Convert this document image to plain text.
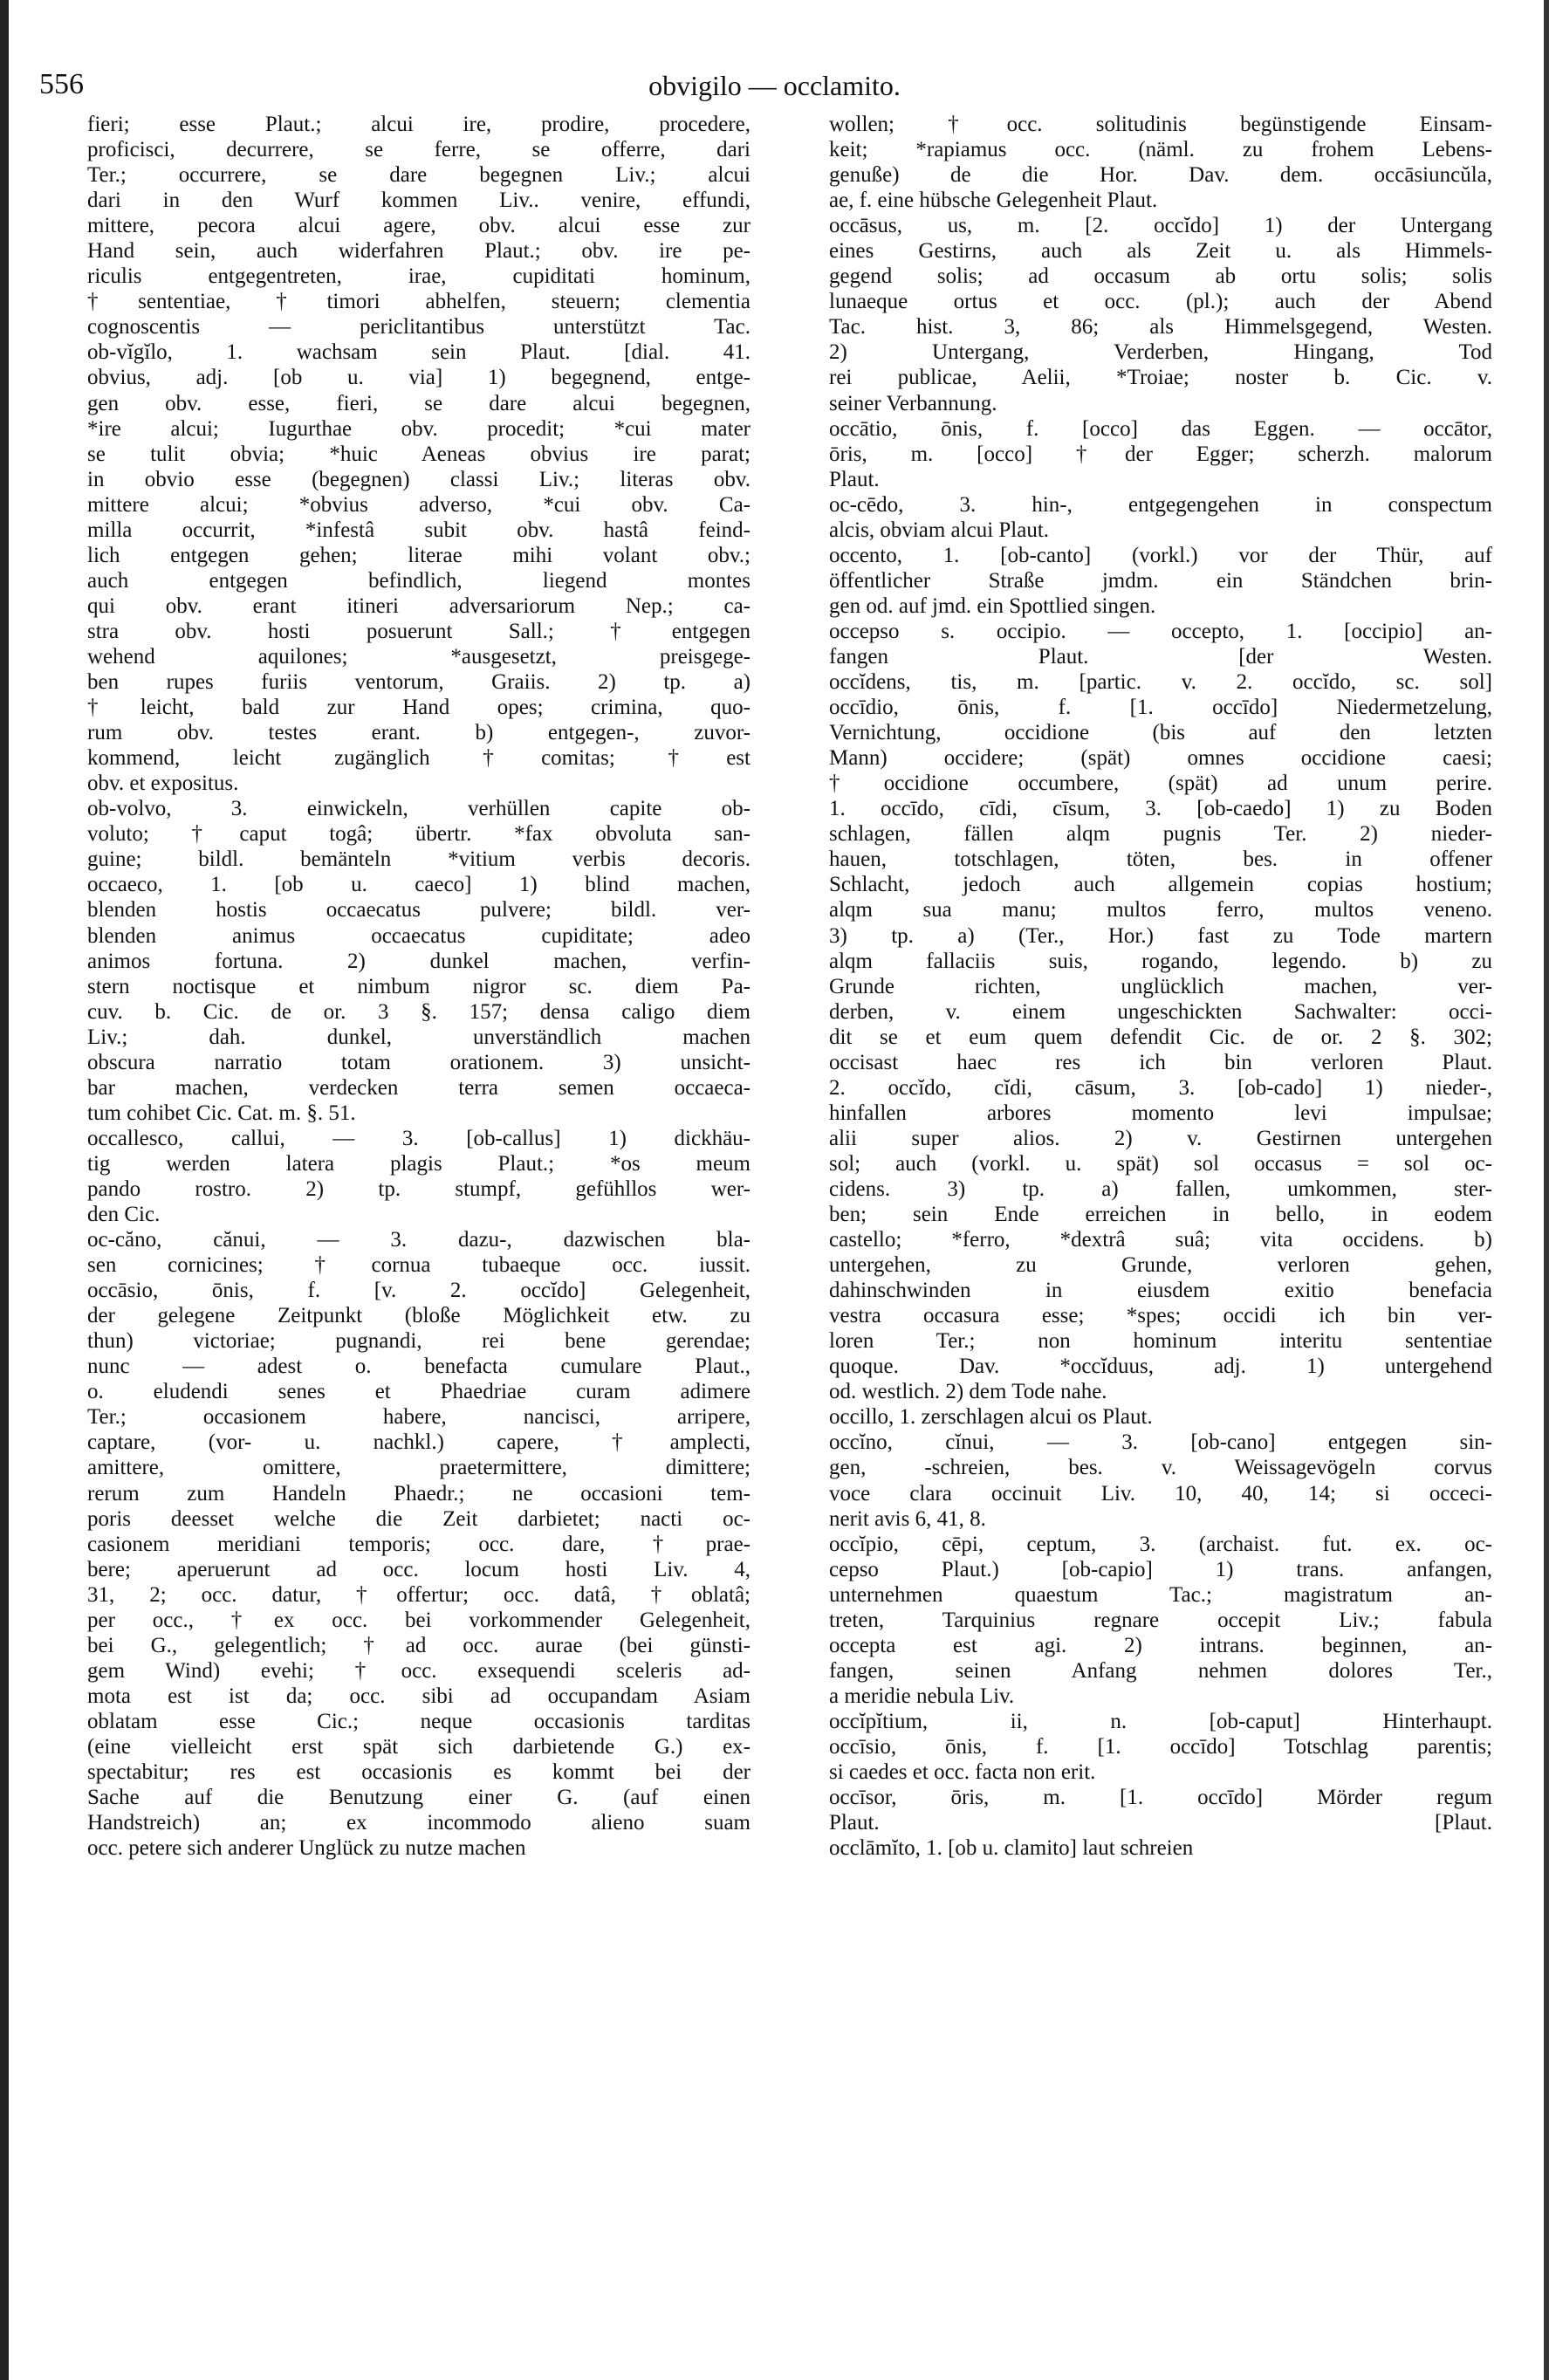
556	obvigilo — occlamito.
fieri; esse Plaut.; alcui ire, prodire, procedere,
proficisci, decurrere, se ferre, se offerre, dari
Ter.; occurrere, se dare begegnen Liv.; alcui
dari in den Wurf kommen Liv.. venire, effundi,
mittere, pecora alcui agere, obv. alcui esse zur
Hand sein, auch widerfahren Plaut.; obv. ire pe-
riculis entgegentreten, irae, cupiditati hominum,
†sententiae, †timori abhelfen, steuern; clementia
cognoscentis — periclitantibus unterstützt Tac.
ob-vĭgĭlo, 1. wachsam sein Plaut. [dial. 41.
obvius, adj. [ob u. via] 1) begegnend, entge-
gen obv. esse, fieri, se dare alcui begegnen,
*ire alcui; Iugurthae obv. procedit; *cui mater
se tulit obvia; *huic Aeneas obvius ire parat;
in obvio esse (begegnen) classi Liv.; literas obv.
mittere alcui; *obvius adverso, *cui obv. Ca-
milla occurrit, *infestâ subit obv. hastâ feind-
lich entgegen gehen; literae mihi volant obv.;
auch entgegen befindlich, liegend montes
qui obv. erant itineri adversariorum Nep.; ca-
stra obv. hosti posuerunt Sall.; †entgegen
wehend aquilones; *ausgesetzt, preisgege-
ben rupes furiis ventorum, Graiis. 2) tp. a)
†leicht, bald zur Hand opes; crimina, quo-
rum obv. testes erant. b) entgegen-, zuvor-
kommend, leicht zugänglich †comitas; †est
obv. et expositus.
ob-volvo, 3. einwickeln, verhüllen capite ob-
voluto; †caput togâ; übertr. *fax obvoluta san-
guine; bildl. bemänteln *vitium verbis decoris.
occaeco, 1. [ob u. caeco] 1) blind machen,
blenden hostis occaecatus pulvere; bildl. ver-
blenden animus occaecatus cupiditate; adeo
animos fortuna. 2) dunkel machen, verfin-
stern noctisque et nimbum nigror sc. diem Pa-
cuv. b. Cic. de or. 3 §. 157; densa caligo diem
Liv.; dah. dunkel, unverständlich machen
obscura narratio totam orationem. 3) unsicht-
bar machen, verdecken terra semen occaeca-
tum cohibet Cic. Cat. m. §. 51.
occallesco, callui, — 3. [ob-callus] 1) dickhäu-
tig werden latera plagis Plaut.; *os meum
pando rostro. 2) tp. stumpf, gefühllos wer-
den Cic.
oc-căno, cănui, — 3. dazu-, dazwischen bla-
sen cornicines; †cornua tubaeque occ. iussit.
occāsio, ōnis, f. [v. 2. occĭdo] Gelegenheit,
der gelegene Zeitpunkt (bloße Möglichkeit etw. zu
thun) victoriae; pugnandi, rei bene gerendae;
nunc — adest o. benefacta cumulare Plaut.,
o. eludendi senes et Phaedriae curam adimere
Ter.; occasionem habere, nancisci, arripere,
captare, (vor- u. nachkl.) capere, †amplecti,
amittere, omittere, praetermittere, dimittere;
rerum zum Handeln Phaedr.; ne occasioni tem-
poris deesset welche die Zeit darbietet; nacti oc-
casionem meridiani temporis; occ. dare, †prae-
bere; aperuerunt ad occ. locum hosti Liv. 4,
31, 2; occ. datur, †offertur; occ. datâ, †oblatâ;
per occ., †ex occ. bei vorkommender Gelegenheit,
bei G., gelegentlich; †ad occ. aurae (bei günsti-
gem Wind) evehi; †occ. exsequendi sceleris ad-
mota est ist da; occ. sibi ad occupandam Asiam
oblatam esse Cic.; neque occasionis tarditas
(eine vielleicht erst spät sich darbietende G.) ex-
spectabitur; res est occasionis es kommt bei der
Sache auf die Benutzung einer G. (auf einen
Handstreich) an; ex incommodo alieno suam
occ. petere sich anderer Unglück zu nutze machen
wollen; †occ. solitudinis begünstigende Einsam-
keit; *rapiamus occ. (näml. zu frohem Lebens-
genuße) de die Hor. Dav. dem. occāsiuncŭla,
ae, f. eine hübsche Gelegenheit Plaut.
occāsus, us, m. [2. occĭdo] 1) der Untergang
eines Gestirns, auch als Zeit u. als Himmels-
gegend solis; ad occasum ab ortu solis; solis
lunaeque ortus et occ. (pl.); auch der Abend
Tac. hist. 3, 86; als Himmelsgegend, Westen.
2) Untergang, Verderben, Hingang, Tod
rei publicae, Aelii, *Troiae; noster b. Cic. v.
seiner Verbannung.
occātio, ōnis, f. [occo] das Eggen. — occātor,
ōris, m. [occo] †der Egger; scherzh. malorum
Plaut.
oc-cēdo, 3. hin-, entgegengehen in conspectum
alcis, obviam alcui Plaut.
occento, 1. [ob-canto] (vorkl.) vor der Thür, auf
öffentlicher Straße jmdm. ein Ständchen brin-
gen od. auf jmd. ein Spottlied singen.
occepso s. occipio. — occepto, 1. [occipio] an-
fangen Plaut. [der Westen.
occĭdens, tis, m. [partic. v. 2. occĭdo, sc. sol]
occīdio, ōnis, f. [1. occīdo] Niedermetzelung,
Vernichtung, occidione (bis auf den letzten
Mann) occidere; (spät) omnes occidione caesi;
†occidione occumbere, (spät) ad unum perire.
1. occīdo, cīdi, cīsum, 3. [ob-caedo] 1) zu Boden
schlagen, fällen alqm pugnis Ter. 2) nieder-
hauen, totschlagen, töten, bes. in offener
Schlacht, jedoch auch allgemein copias hostium;
alqm sua manu; multos ferro, multos veneno.
3) tp. a) (Ter., Hor.) fast zu Tode martern
alqm fallaciis suis, rogando, legendo. b) zu
Grunde richten, unglücklich machen, ver-
derben, v. einem ungeschickten Sachwalter: occi-
dit se et eum quem defendit Cic. de or. 2 §. 302;
occisast haec res ich bin verloren Plaut.
2. occĭdo, cĭdi, cāsum, 3. [ob-cado] 1) nieder-,
hinfallen arbores momento levi impulsae;
alii super alios. 2) v. Gestirnen untergehen
sol; auch (vorkl. u. spät) sol occasus = sol oc-
cidens. 3) tp. a) fallen, umkommen, ster-
ben; sein Ende erreichen in bello, in eodem
castello; *ferro, *dextrâ suâ; vita occidens. b)
untergehen, zu Grunde, verloren gehen,
dahinschwinden in eiusdem exitio benefacia
vestra occasura esse; *spes; occidi ich bin ver-
loren Ter.; non hominum interitu sententiae
quoque. Dav. *occĭduus, adj. 1) untergehend
od. westlich. 2) dem Tode nahe.
occillo, 1. zerschlagen alcui os Plaut.
occĭno, cĭnui, — 3. [ob-cano] entgegen sin-
gen, -schreien, bes. v. Weissagevögeln corvus
voce clara occinuit Liv. 10, 40, 14; si occeci-
nerit avis 6, 41, 8.
occĭpio, cēpi, ceptum, 3. (archaist. fut. ex. oc-
cepso Plaut.) [ob-capio] 1) trans. anfangen,
unternehmen quaestum Tac.; magistratum an-
treten, Tarquinius regnare occepit Liv.; fabula
occepta est agi. 2) intrans. beginnen, an-
fangen, seinen Anfang nehmen dolores Ter.,
a meridie nebula Liv.
occĭpĭtium, ii, n. [ob-caput] Hinterhaupt.
occīsio, ōnis, f. [1. occīdo] Totschlag parentis;
si caedes et occ. facta non erit.
occīsor, ōris, m. [1. occīdo] Mörder regum
Plaut. [Plaut.
occlāmĭto, 1. [ob u. clamito] laut schreien
